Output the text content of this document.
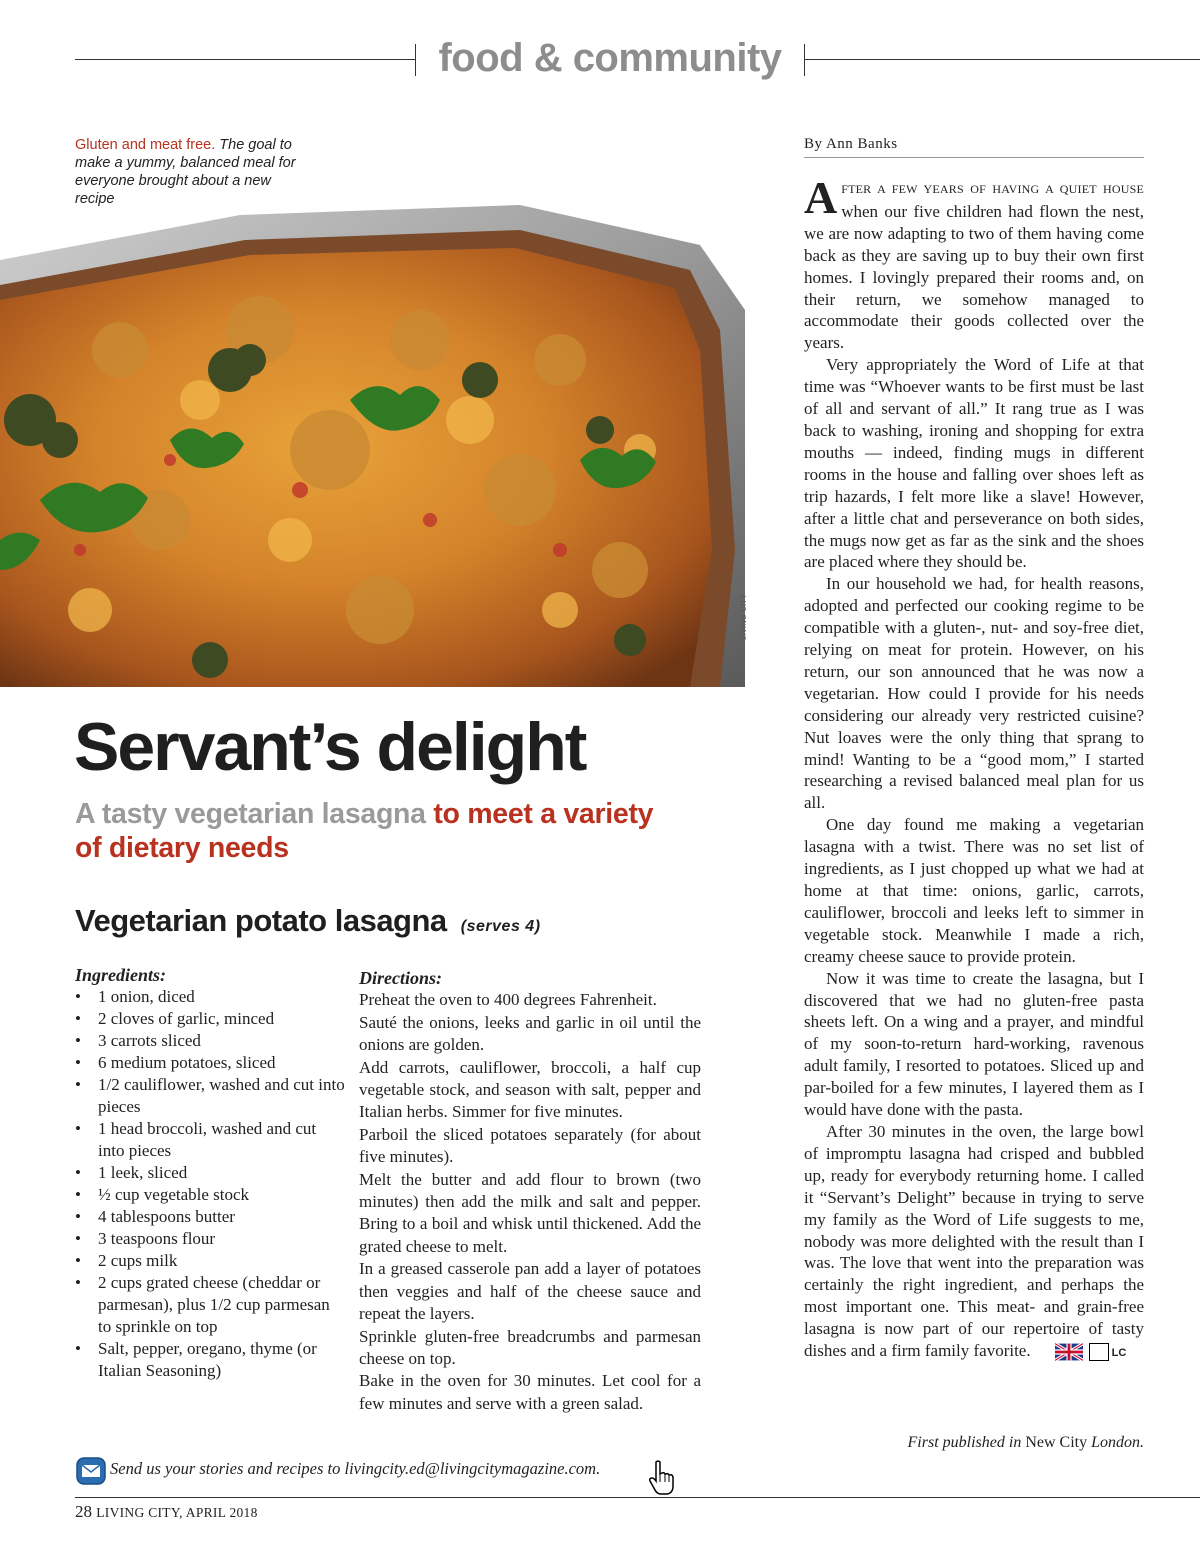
food & community
Gluten and meat free. The goal to make a yummy, balanced meal for everyone brought about a new recipe
LIVING CITY
Servant’s delight
A tasty vegetarian lasagna to meet a variety of dietary needs
Vegetarian potato lasagna (serves 4)
Ingredients:
• 1 onion, diced
• 2 cloves of garlic, minced
• 3 carrots sliced
• 6 medium potatoes, sliced
• 1/2 cauliflower, washed and cut into pieces
• 1 head broccoli, washed and cut into pieces
• 1 leek, sliced
• ½ cup vegetable stock
• 4 tablespoons butter
• 3 teaspoons flour
• 2 cups milk
• 2 cups grated cheese (cheddar or parmesan), plus 1/2 cup parmesan to sprinkle on top
• Salt, pepper, oregano, thyme (or Italian Seasoning)
Directions:

Preheat the oven to 400 degrees Fahrenheit.

Sauté the onions, leeks and garlic in oil until the onions are golden.

Add carrots, cauliflower, broccoli, a half cup vegetable stock, and season with salt, pepper and Italian herbs. Simmer for five minutes.

Parboil the sliced potatoes separately (for about five minutes).

Melt the butter and add flour to brown (two minutes) then add the milk and salt and pepper. Bring to a boil and whisk until thickened. Add the grated cheese to melt.

In a greased casserole pan add a layer of potatoes then veggies and half of the cheese sauce and repeat the layers.

Sprinkle gluten-free breadcrumbs and parmesan cheese on top.

Bake in the oven for 30 minutes. Let cool for a few minutes and serve with a green salad.

By Ann Banks

AFTER A FEW YEARS OF HAVING A QUIET HOUSE when our five children had flown the nest, we are now adapting to two of them having come back as they are saving up to buy their own first homes. I lovingly prepared their rooms and, on their return, we somehow managed to accommodate their goods collected over the years.

Very appropriately the Word of Life at that time was “Whoever wants to be first must be last of all and servant of all.” It rang true as I was back to washing, ironing and shopping for extra mouths — indeed, finding mugs in different rooms in the house and falling over shoes left as trip hazards, I felt more like a slave! However, after a little chat and perseverance on both sides, the mugs now get as far as the sink and the shoes are placed where they should be.

In our household we had, for health reasons, adopted and perfected our cooking regime to be compatible with a gluten-, nut- and soy-free diet, relying on meat for protein. However, on his return, our son announced that he was now a vegetarian. How could I provide for his needs considering our already very restricted cuisine? Nut loaves were the only thing that sprang to mind! Wanting to be a “good mom,” I started researching a revised balanced meal plan for us all.

One day found me making a vegetarian lasagna with a twist. There was no set list of ingredients, as I just chopped up what we had at home at that time: onions, garlic, carrots, cauliflower, broccoli and leeks left to simmer in vegetable stock. Meanwhile I made a rich, creamy cheese sauce to provide protein.

Now it was time to create the lasagna, but I discovered that we had no gluten-free pasta sheets left. On a wing and a prayer, and mindful of my soon-to-return hard-working, ravenous adult family, I resorted to potatoes. Sliced up and par-boiled for a few minutes, I layered them as I would have done with the pasta.

After 30 minutes in the oven, the large bowl of impromptu lasagna had crisped and bubbled up, ready for everybody returning home. I called it “Servant’s Delight” because in trying to serve my family as the Word of Life suggests to me, nobody was more delighted with the result than I was. The love that went into the preparation was certainly the right ingredient, and perhaps the most important one. This meat- and grain-free lasagna is now part of our repertoire of tasty dishes and a firm family favorite.	LC

First published in New City London.
Send us your stories and recipes to livingcity.ed@livingcitymagazine.com.
28 LIVING CITY, APRIL 2018
